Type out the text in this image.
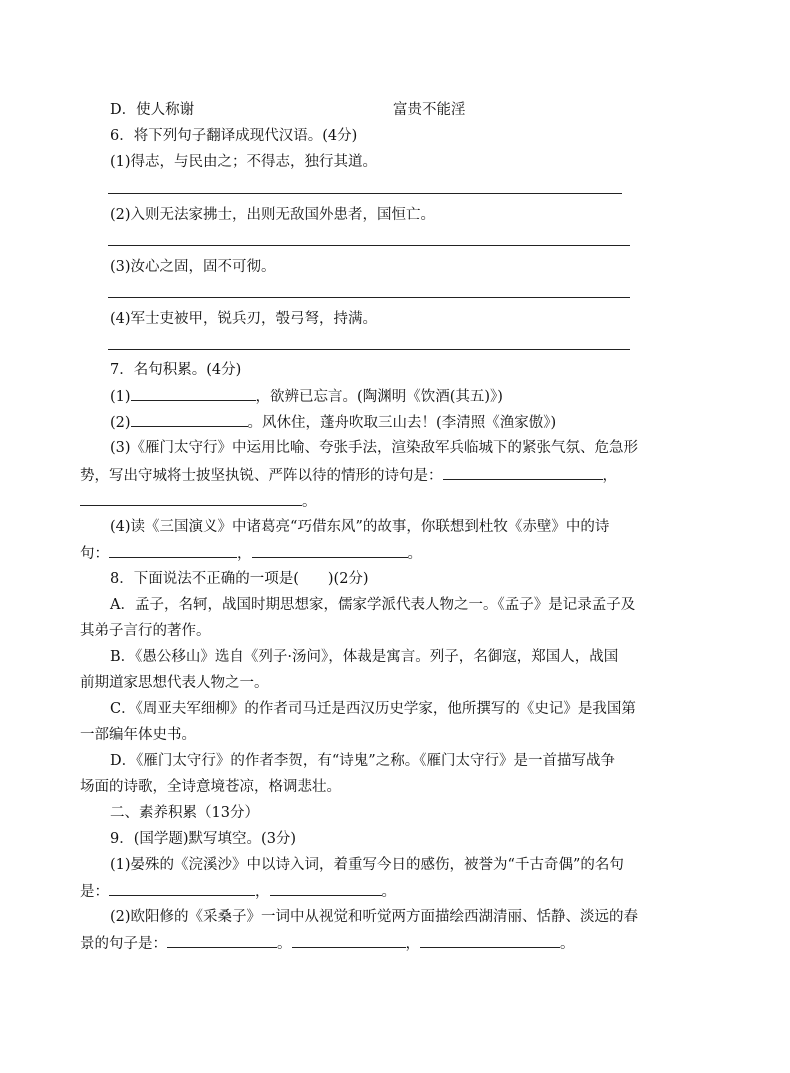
D．使人称谢	富贵不能淫
6．将下列句子翻译成现代汉语。(4分)
(1)得志，与民由之；不得志，独行其道。
(2)入则无法家拂士，出则无敌国外患者，国恒亡。
(3)汝心之固，固不可彻。
(4)军士吏被甲，锐兵刃，彀弓弩，持满。
7．名句积累。(4分)
(1)	，欲辨已忘言。(陶渊明《饮酒(其五)》)
(2)	。风休住，蓬舟吹取三山去！(李清照《渔家傲》)
(3)《雁门太守行》中运用比喻、夸张手法，渲染敌军兵临城下的紧张气氛、危急形
势，写出守城将士披坚执锐、严阵以待的情形的诗句是：	，
。
(4)读《三国演义》中诸葛亮“巧借东风”的故事，你联想到杜牧《赤壁》中的诗
句：	，	。
8．下面说法不正确的一项是(　　)(2分)
A．孟子，名轲，战国时期思想家，儒家学派代表人物之一。《孟子》是记录孟子及
其弟子言行的著作。
B．《愚公移山》选自《列子·汤问》，体裁是寓言。列子，名御寇，郑国人，战国
前期道家思想代表人物之一。
C．《周亚夫军细柳》的作者司马迁是西汉历史学家，他所撰写的《史记》是我国第
一部编年体史书。
D．《雁门太守行》的作者李贺，有“诗鬼”之称。《雁门太守行》是一首描写战争
场面的诗歌，全诗意境苍凉，格调悲壮。
二、素养积累（13分）
9．(国学题)默写填空。(3分)
(1)晏殊的《浣溪沙》中以诗入词，着重写今日的感伤，被誉为“千古奇偶”的名句
是：	，	。
(2)欧阳修的《采桑子》一词中从视觉和听觉两方面描绘西湖清丽、恬静、淡远的春
景的句子是：	。	，	。
